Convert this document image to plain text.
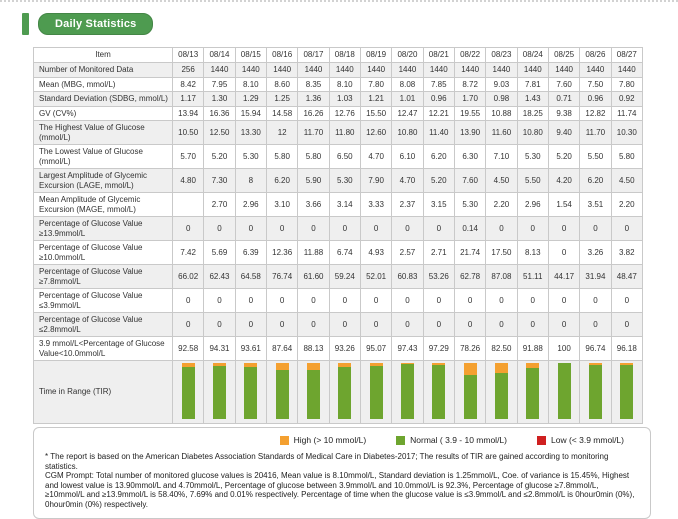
Daily Statistics
Item	08/13	08/14	08/15	08/16	08/17	08/18	08/19	08/20	08/21	08/22	08/23	08/24	08/25	08/26	08/27
Number of Monitored Data	256	1440	1440	1440	1440	1440	1440	1440	1440	1440	1440	1440	1440	1440	1440
Mean (MBG, mmol/L)	8.42	7.95	8.10	8.60	8.35	8.10	7.80	8.08	7.85	8.72	9.03	7.81	7.60	7.50	7.80
Standard Deviation (SDBG, mmol/L)	1.17	1.30	1.29	1.25	1.36	1.03	1.21	1.01	0.96	1.70	0.98	1.43	0.71	0.96	0.92
GV (CV%)	13.94	16.36	15.94	14.58	16.26	12.76	15.50	12.47	12.21	19.55	10.88	18.25	9.38	12.82	11.74
The Highest Value of Glucose (mmol/L)	10.50	12.50	13.30	12	11.70	11.80	12.60	10.80	11.40	13.90	11.60	10.80	9.40	11.70	10.30
The Lowest Value of Glucose (mmol/L)	5.70	5.20	5.30	5.80	5.80	6.50	4.70	6.10	6.20	6.30	7.10	5.30	5.20	5.50	5.80
Largest Amplitude of Glycemic Excursion (LAGE, mmol/L)	4.80	7.30	8	6.20	5.90	5.30	7.90	4.70	5.20	7.60	4.50	5.50	4.20	6.20	4.50
Mean Amplitude of Glycemic Excursion (MAGE, mmol/L)		2.70	2.96	3.10	3.66	3.14	3.33	2.37	3.15	5.30	2.20	2.96	1.54	3.51	2.20
Percentage of Glucose Value ≥13.9mmol/L	0	0	0	0	0	0	0	0	0	0.14	0	0	0	0	0
Percentage of Glucose Value ≥10.0mmol/L	7.42	5.69	6.39	12.36	11.88	6.74	4.93	2.57	2.71	21.74	17.50	8.13	0	3.26	3.82
Percentage of Glucose Value ≥7.8mmol/L	66.02	62.43	64.58	76.74	61.60	59.24	52.01	60.83	53.26	62.78	87.08	51.11	44.17	31.94	48.47
Percentage of Glucose Value ≤3.9mmol/L	0	0	0	0	0	0	0	0	0	0	0	0	0	0	0
Percentage of Glucose Value ≤2.8mmol/L	0	0	0	0	0	0	0	0	0	0	0	0	0	0	0
3.9 mmol/L<Percentage of Glucose Value<10.0mmol/L	92.58	94.31	93.61	87.64	88.13	93.26	95.07	97.43	97.29	78.26	82.50	91.88	100	96.74	96.18
Time in Range (TIR)	

High (> 10 mmol/L)	Normal ( 3.9 - 10 mmol/L)	Low (< 3.9 mmol/L)

* The report is based on the American Diabetes Association Standards of Medical Care in Diabetes-2017; The results of TIR are gained according to monitoring statistics.

CGM Prompt: Total number of monitored glucose values is 20416, Mean value is 8.10mmol/L, Standard deviation is 1.25mmol/L, Coe. of variance is 15.45%, Highest and lowest value is 13.90mmol/L and 4.70mmol/L, Percentage of glucose between 3.9mmol/L and 10.0mmol/L is 92.3%, Percentage of glucose ≥7.8mmol/L, ≥10mmol/L and ≥13.9mmol/L is 58.40%, 7.69% and 0.01% respectively. Percentage of time when the glucose value is ≤3.9mmol/L and ≤2.8mmol/L is 0hour0min (0%), 0hour0min (0%) respectively.
